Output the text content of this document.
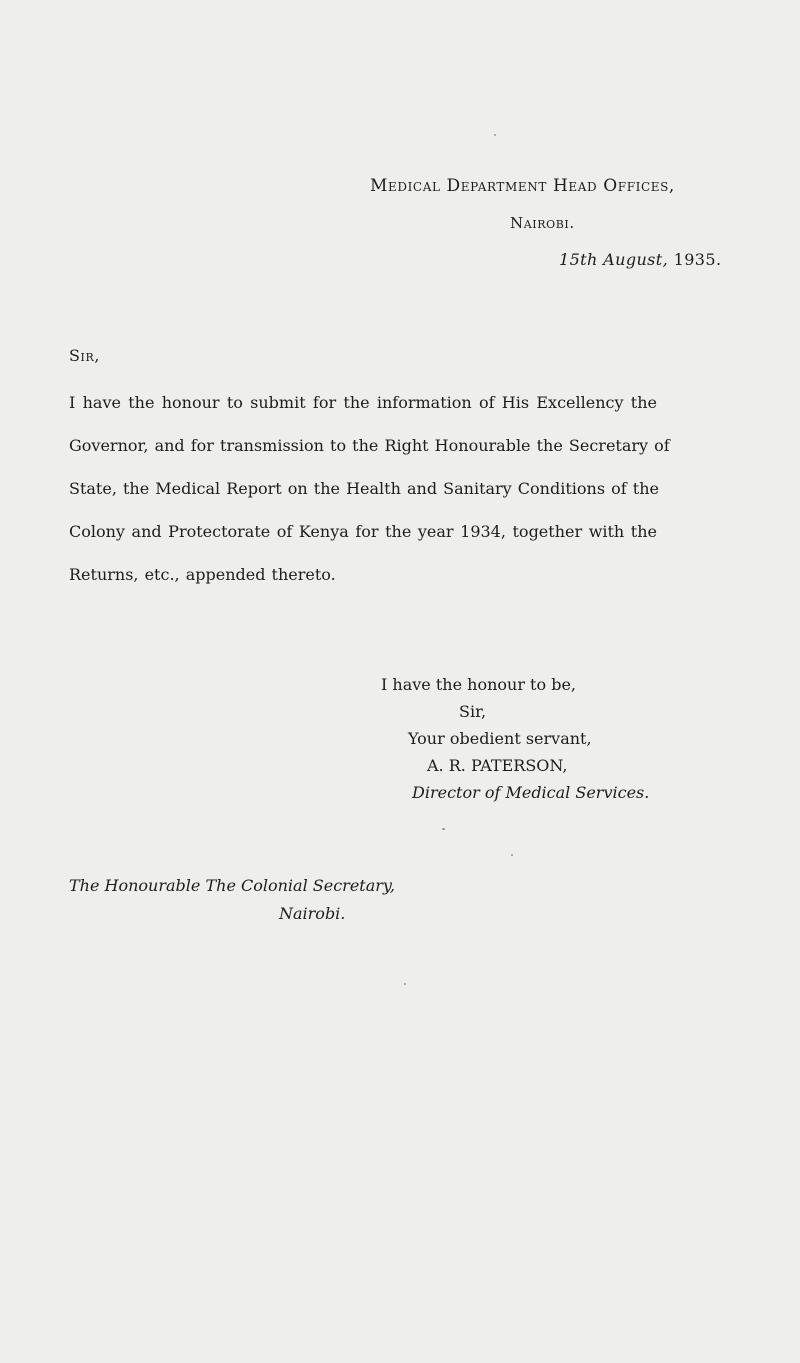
Medical Department Head Offices,
Nairobi.
15th August, 1935.
Sir,
I have the honour to submit for the information of His Excellency the
Governor, and for transmission to the Right Honourable the Secretary of
State, the Medical Report on the Health and Sanitary Conditions of the
Colony and Protectorate of Kenya for the year 1934, together with the
Returns, etc., appended thereto.
I have the honour to be,
Sir,
Your obedient servant,
A. R. PATERSON,
Director of Medical Services.
The Honourable The Colonial Secretary,
Nairobi.
